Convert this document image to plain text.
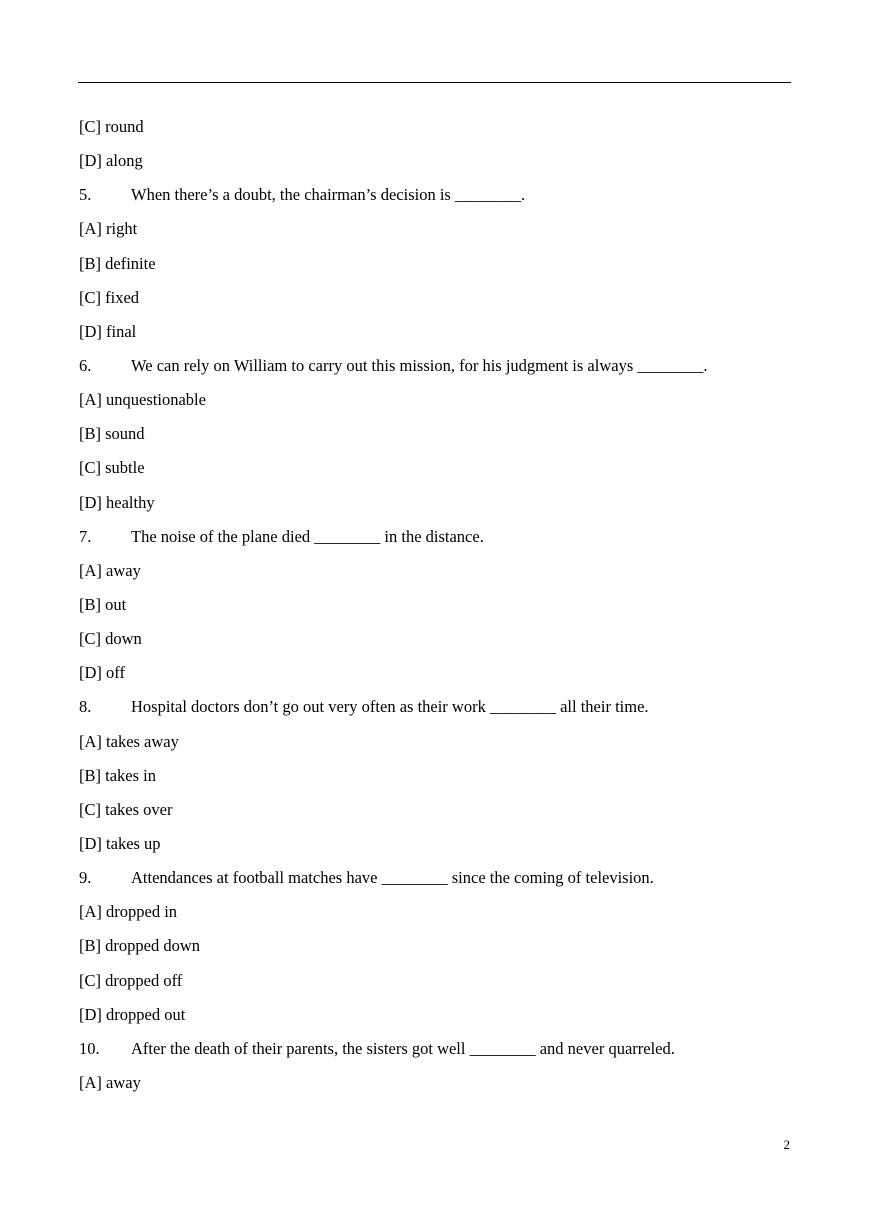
[C] round
[D] along
5. When there’s a doubt, the chairman’s decision is ________.
[A] right
[B] definite
[C] fixed
[D] final
6. We can rely on William to carry out this mission, for his judgment is always ________.
[A] unquestionable
[B] sound
[C] subtle
[D] healthy
7. The noise of the plane died ________ in the distance.
[A] away
[B] out
[C] down
[D] off
8. Hospital doctors don’t go out very often as their work ________ all their time.
[A] takes away
[B] takes in
[C] takes over
[D] takes up
9. Attendances at football matches have ________ since the coming of television.
[A] dropped in
[B] dropped down
[C] dropped off
[D] dropped out
10. After the death of their parents, the sisters got well ________ and never quarreled.
[A] away
2
